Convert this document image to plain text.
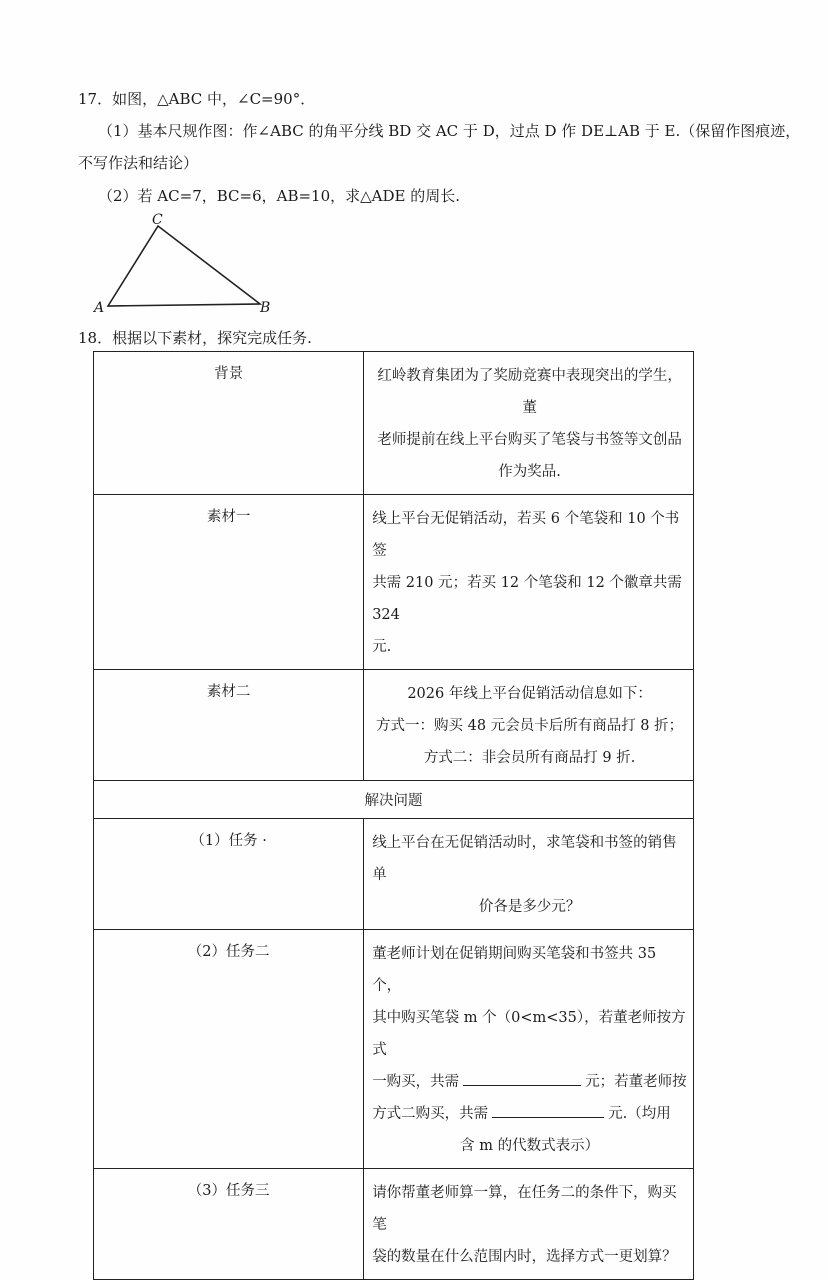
17．如图，△ABC 中，∠C=90°．
（1）基本尺规作图：作∠ABC 的角平分线 BD 交 AC 于 D，过点 D 作 DE⊥AB 于 E.（保留作图痕迹，
不写作法和结论）
（2）若 AC=7，BC=6，AB=10，求△ADE 的周长.
A	B
C
18．根据以下素材，探究完成任务.
背景	红岭教育集团为了奖励竞赛中表现突出的学生，董
老师提前在线上平台购买了笔袋与书签等文创品
作为奖品.

素材一	线上平台无促销活动，若买 6 个笔袋和 10 个书签
共需 210 元；若买 12 个笔袋和 12 个徽章共需 324
元.

素材二	2026 年线上平台促销活动信息如下：
方式一：购买 48 元会员卡后所有商品打 8 折；
方式二：非会员所有商品打 9 折.

解决问题	
（1）任务 ·	线上平台在无促销活动时，求笔袋和书签的销售单
价各是多少元？

（2）任务二	董老师计划在促销期间购买笔袋和书签共 35 个，
其中购买笔袋 m 个（0<m<35），若董老师按方式
一购买，共需 元；若董老师按
方式二购买，共需 元.（均用
含 m 的代数式表示）

（3）任务三	请你帮董老师算一算，在任务二的条件下，购买笔
袋的数量在什么范围内时，选择方式一更划算？
